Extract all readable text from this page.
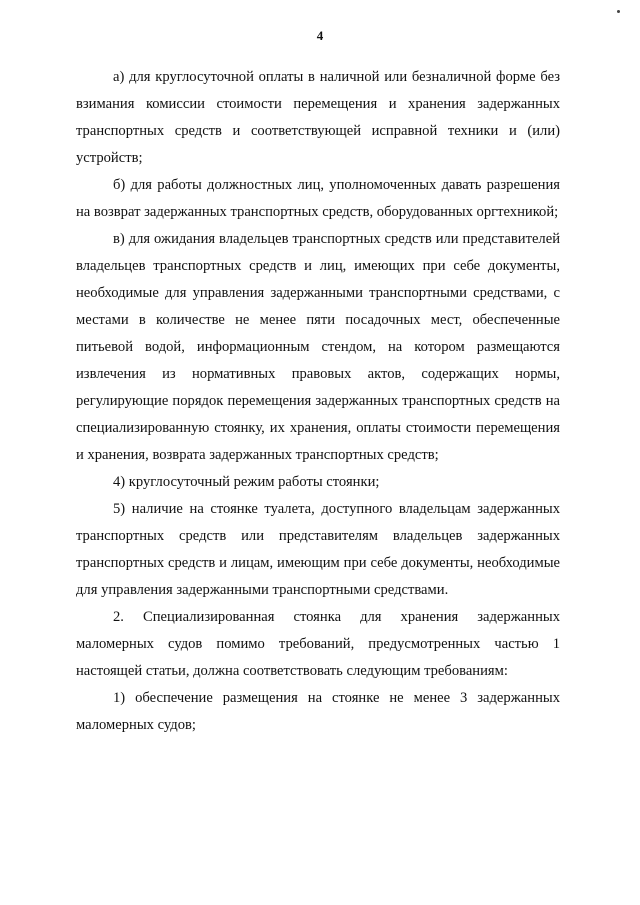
4

а) для круглосуточной оплаты в наличной или безналичной форме без взимания комиссии стоимости перемещения и хранения задержанных транспортных средств и соответствующей исправной техники и (или) устройств;

б) для работы должностных лиц, уполномоченных давать разрешения на возврат задержанных транспортных средств, оборудованных оргтехникой;

в) для ожидания владельцев транспортных средств или представителей владельцев транспортных средств и лиц, имеющих при себе документы, необходимые для управления задержанными транспортными средствами, с местами в количестве не менее пяти посадочных мест, обеспеченные питьевой водой, информационным стендом, на котором размещаются извлечения из нормативных правовых актов, содержащих нормы, регулирующие порядок перемещения задержанных транспортных средств на специализированную стоянку, их хранения, оплаты стоимости перемещения и хранения, возврата задержанных транспортных средств;

4) круглосуточный режим работы стоянки;

5) наличие на стоянке туалета, доступного владельцам задержанных транспортных средств или представителям владельцев задержанных транспортных средств и лицам, имеющим при себе документы, необходимые для управления задержанными транспортными средствами.

2. Специализированная стоянка для хранения задержанных маломерных судов помимо требований, предусмотренных частью 1 настоящей статьи, должна соответствовать следующим требованиям:

1) обеспечение размещения на стоянке не менее 3 задержанных маломерных судов;
